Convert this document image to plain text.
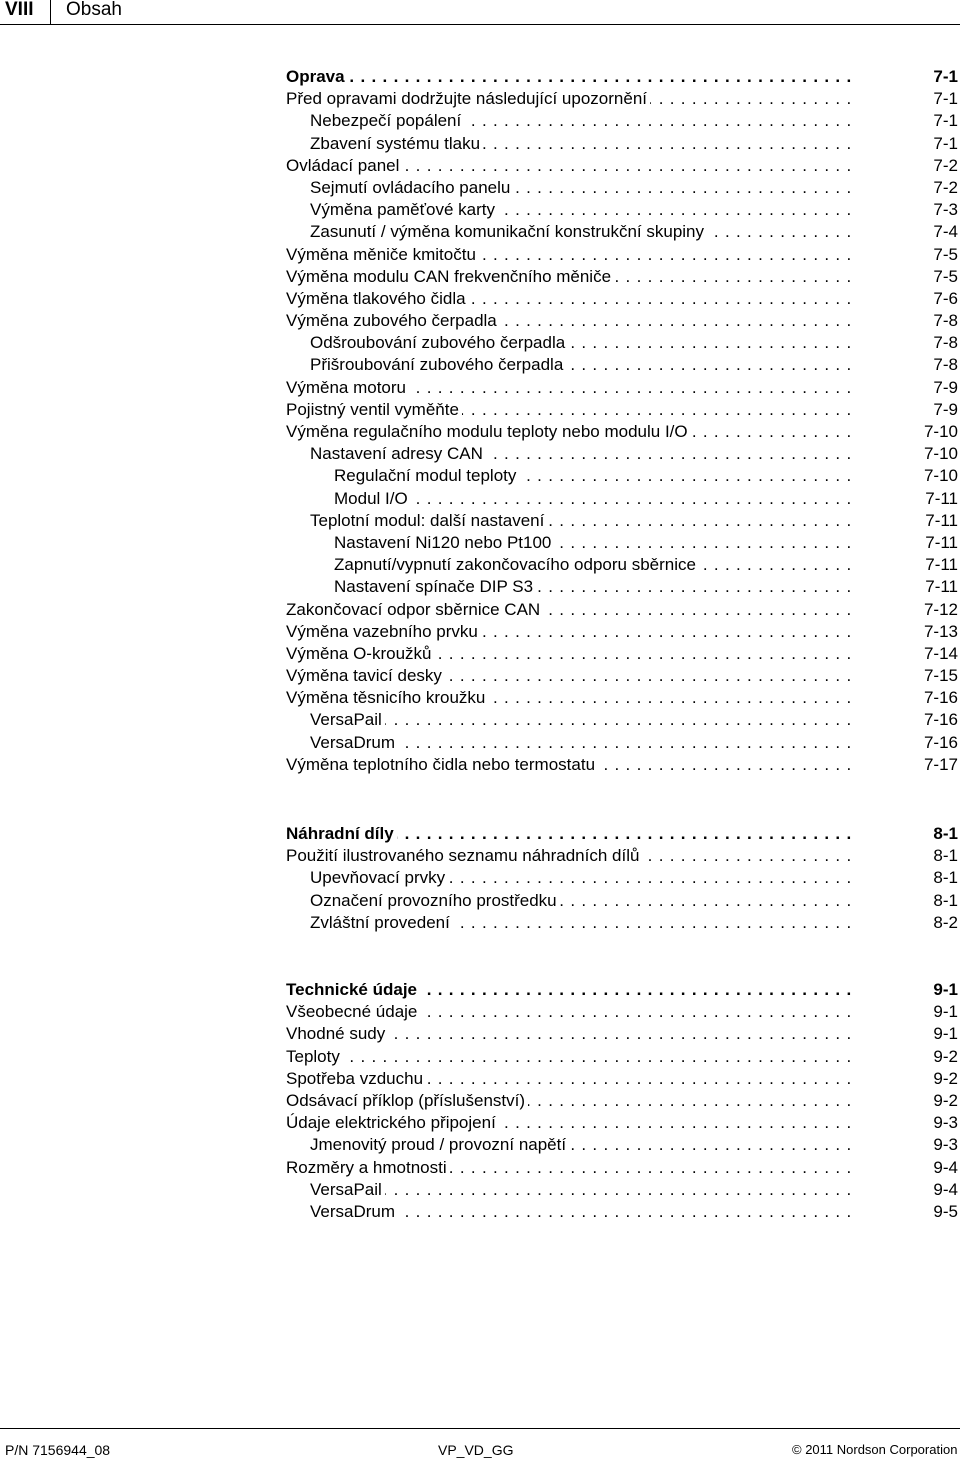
VIII Obsah
Oprava . . .	7-1
Před opravami dodržujte následující upozornění . . .	7-1
Nebezpečí popálení . . .	7-1
Zbavení systému tlaku . . .	7-1
Ovládací panel . . .	7-2
Sejmutí ovládacího panelu . . .	7-2
Výměna paměťové karty . . .	7-3
Zasunutí / výměna komunikační konstrukční skupiny . . .	7-4
Výměna měniče kmitočtu . . .	7-5
Výměna modulu CAN frekvenčního měniče . . .	7-5
Výměna tlakového čidla . . .	7-6
Výměna zubového čerpadla . . .	7-8
Odšroubování zubového čerpadla . . .	7-8
Přišroubování zubového čerpadla . . .	7-8
Výměna motoru . . .	7-9
Pojistný ventil vyměňte . . .	7-9
Výměna regulačního modulu teploty nebo modulu I/O . . .	7-10
Nastavení adresy CAN . . .	7-10
Regulační modul teploty . . .	7-10
Modul I/O . . .	7-11
Teplotní modul: další nastavení . . .	7-11
Nastavení Ni120 nebo Pt100 . . .	7-11
Zapnutí/vypnutí zakončovacího odporu sběrnice . . .	7-11
Nastavení spínače DIP S3 . . .	7-11
Zakončovací odpor sběrnice CAN . . .	7-12
Výměna vazebního prvku . . .	7-13
Výměna O-kroužků . . .	7-14
Výměna tavicí desky . . .	7-15
Výměna těsnicího kroužku . . .	7-16
VersaPail . . .	7-16
VersaDrum . . .	7-16
Výměna teplotního čidla nebo termostatu . . .	7-17
Náhradní díly . . .	8-1
Použití ilustrovaného seznamu náhradních dílů . . .	8-1
Upevňovací prvky . . .	8-1
Označení provozního prostředku . . .	8-1
Zvláštní provedení . . .	8-2
Technické údaje . . .	9-1
Všeobecné údaje . . .	9-1
Vhodné sudy . . .	9-1
Teploty . . .	9-2
Spotřeba vzduchu . . .	9-2
Odsávací příklop (příslušenství) . . .	9-2
Údaje elektrického připojení . . .	9-3
Jmenovitý proud / provozní napětí . . .	9-3
Rozměry a hmotnosti . . .	9-4
VersaPail . . .	9-4
VersaDrum . . .	9-5
P/N 7156944_08	VP_VD_GG	© 2011 Nordson Corporation
